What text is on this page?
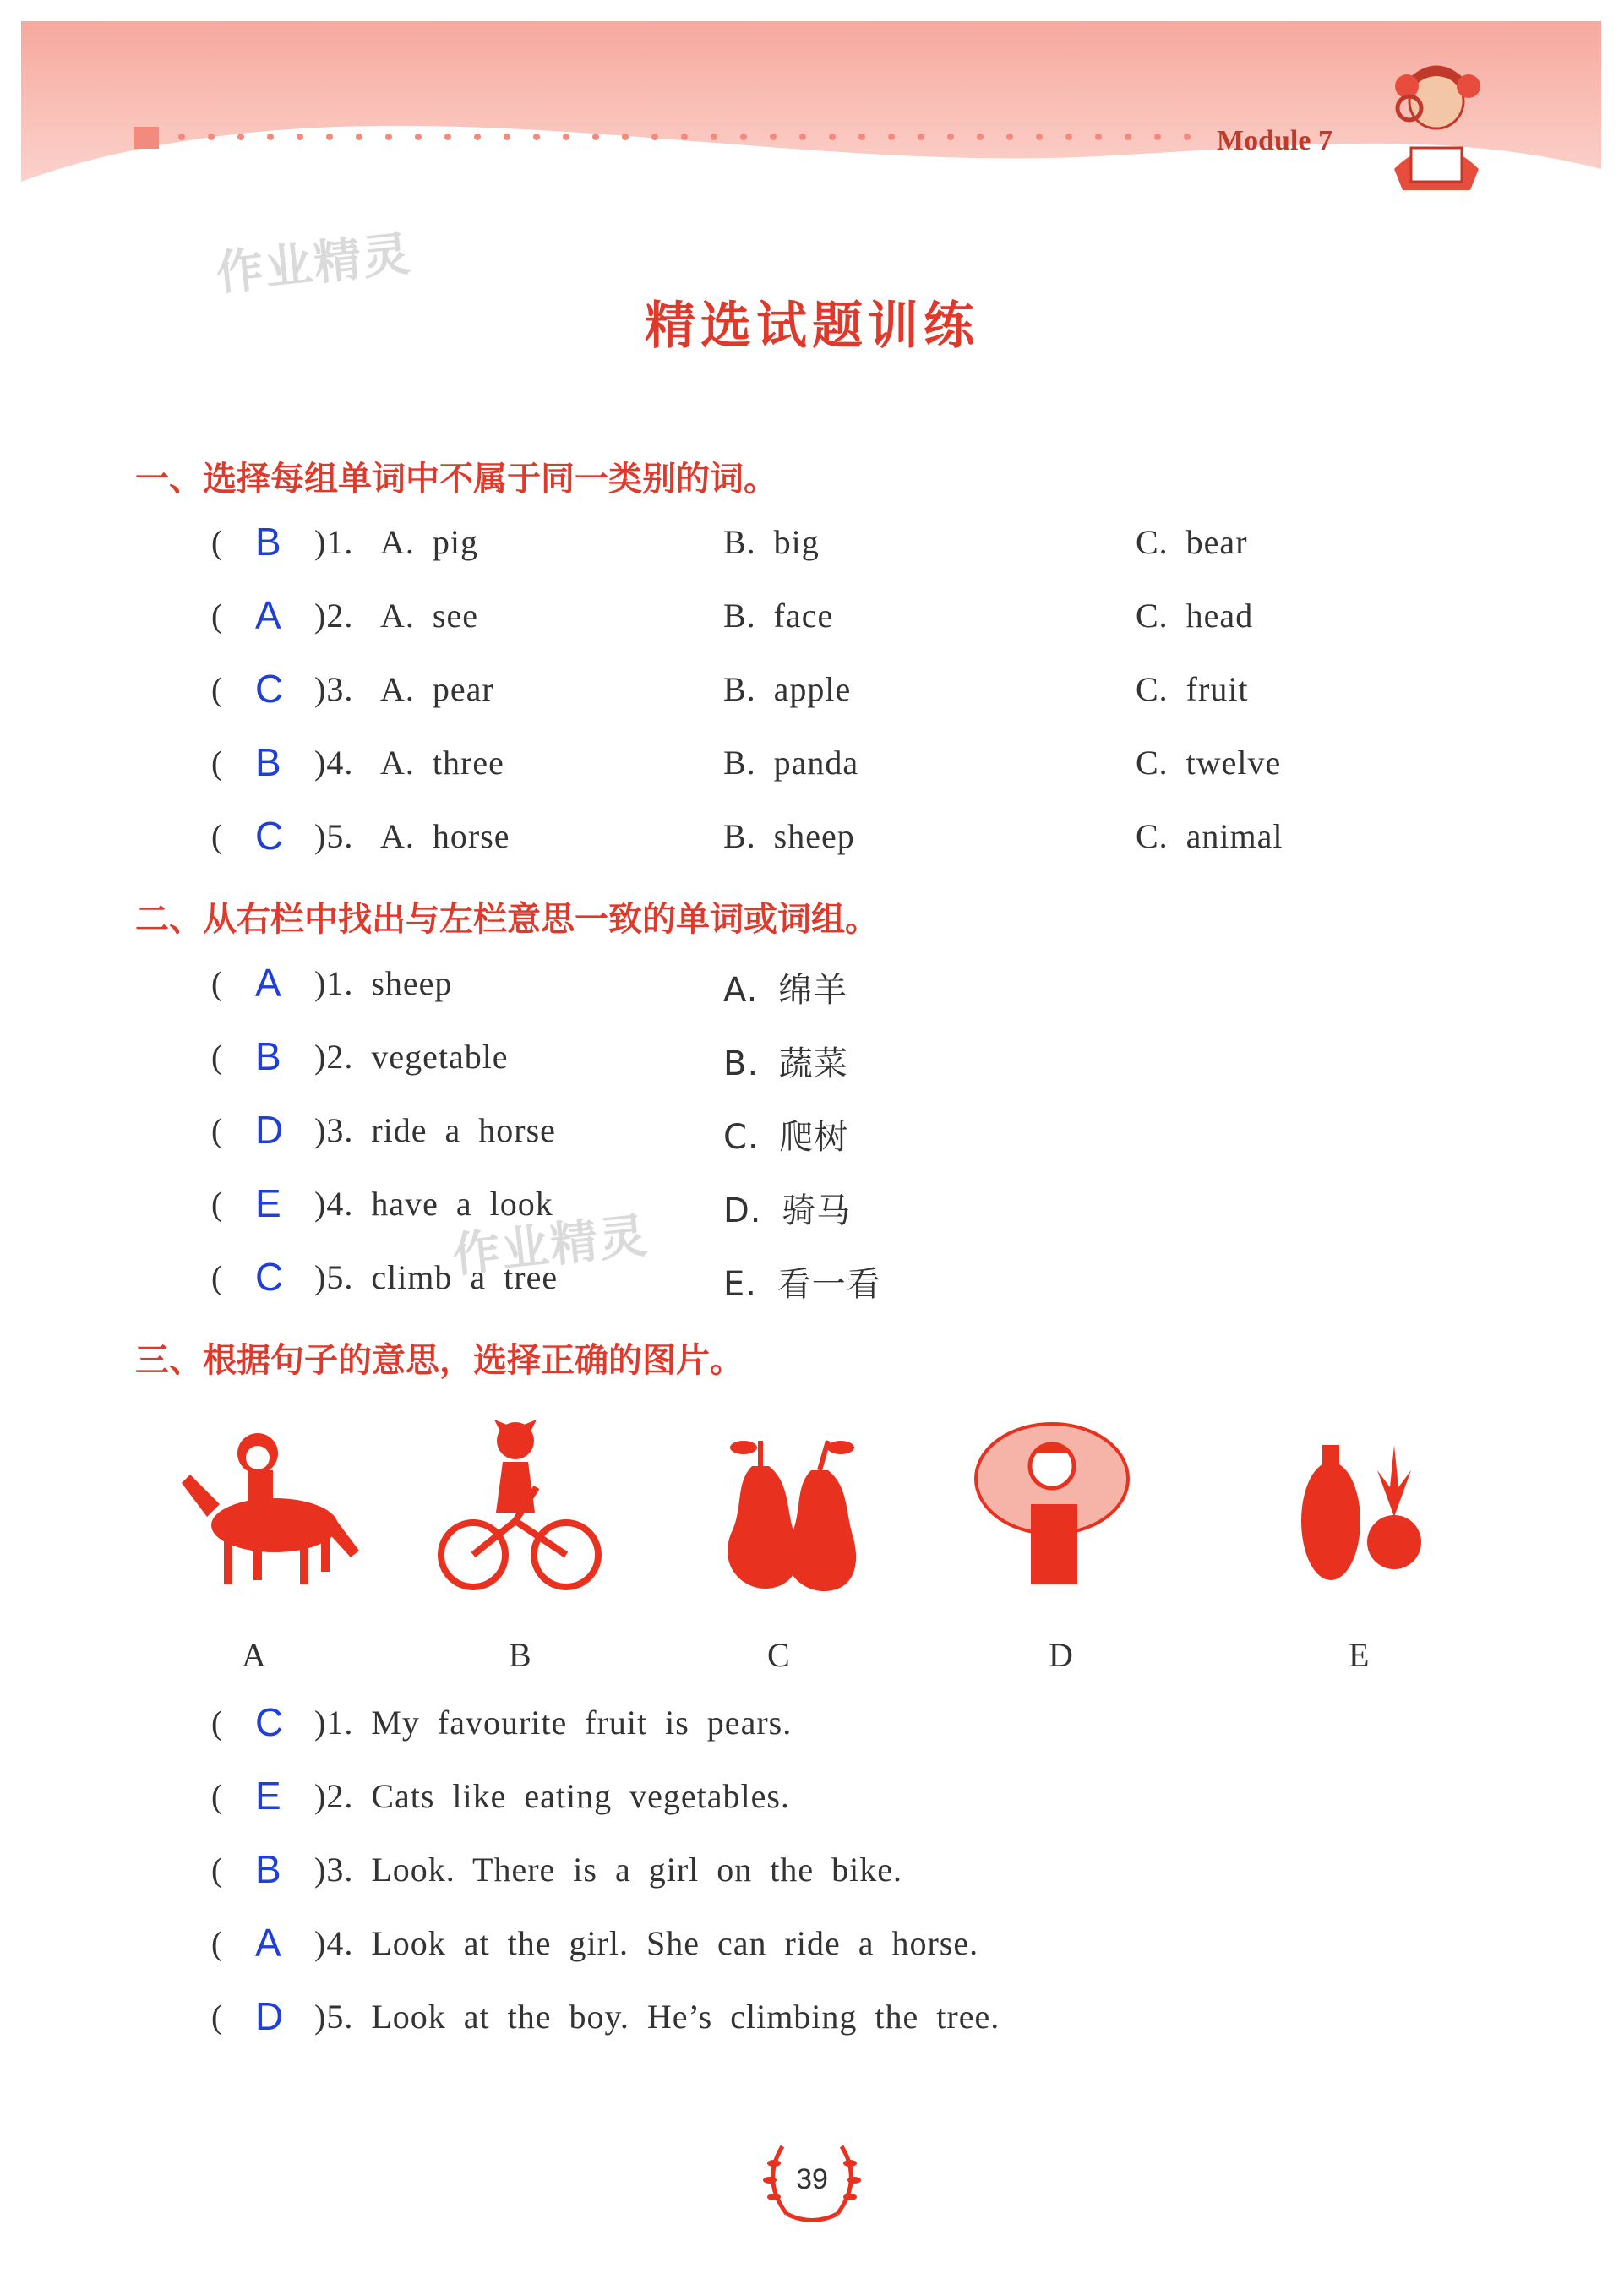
Module 7
作业精灵
作业精灵
精选试题训练
一、选择每组单词中不属于同一类别的词。
( B )1. A. pig	B. big	C. bear
( A )2. A. see	B. face	C. head
( C )3. A. pear	B. apple	C. fruit
( B )4. A. three	B. panda	C. twelve
( C )5. A. horse	B. sheep	C. animal
二、从右栏中找出与左栏意思一致的单词或词组。
( A )1. sheep	A. 绵羊
( B )2. vegetable	B. 蔬菜
( D )3. ride a horse	C. 爬树
( E )4. have a look	D. 骑马
( C )5. climb a tree	E. 看一看
三、根据句子的意思，选择正确的图片。
A	B	C	D	E
( C )1. My favourite fruit is pears.
( E )2. Cats like eating vegetables.
( B )3. Look. There is a girl on the bike.
( A )4. Look at the girl. She can ride a horse.
( D )5. Look at the boy. He’s climbing the tree.
39
